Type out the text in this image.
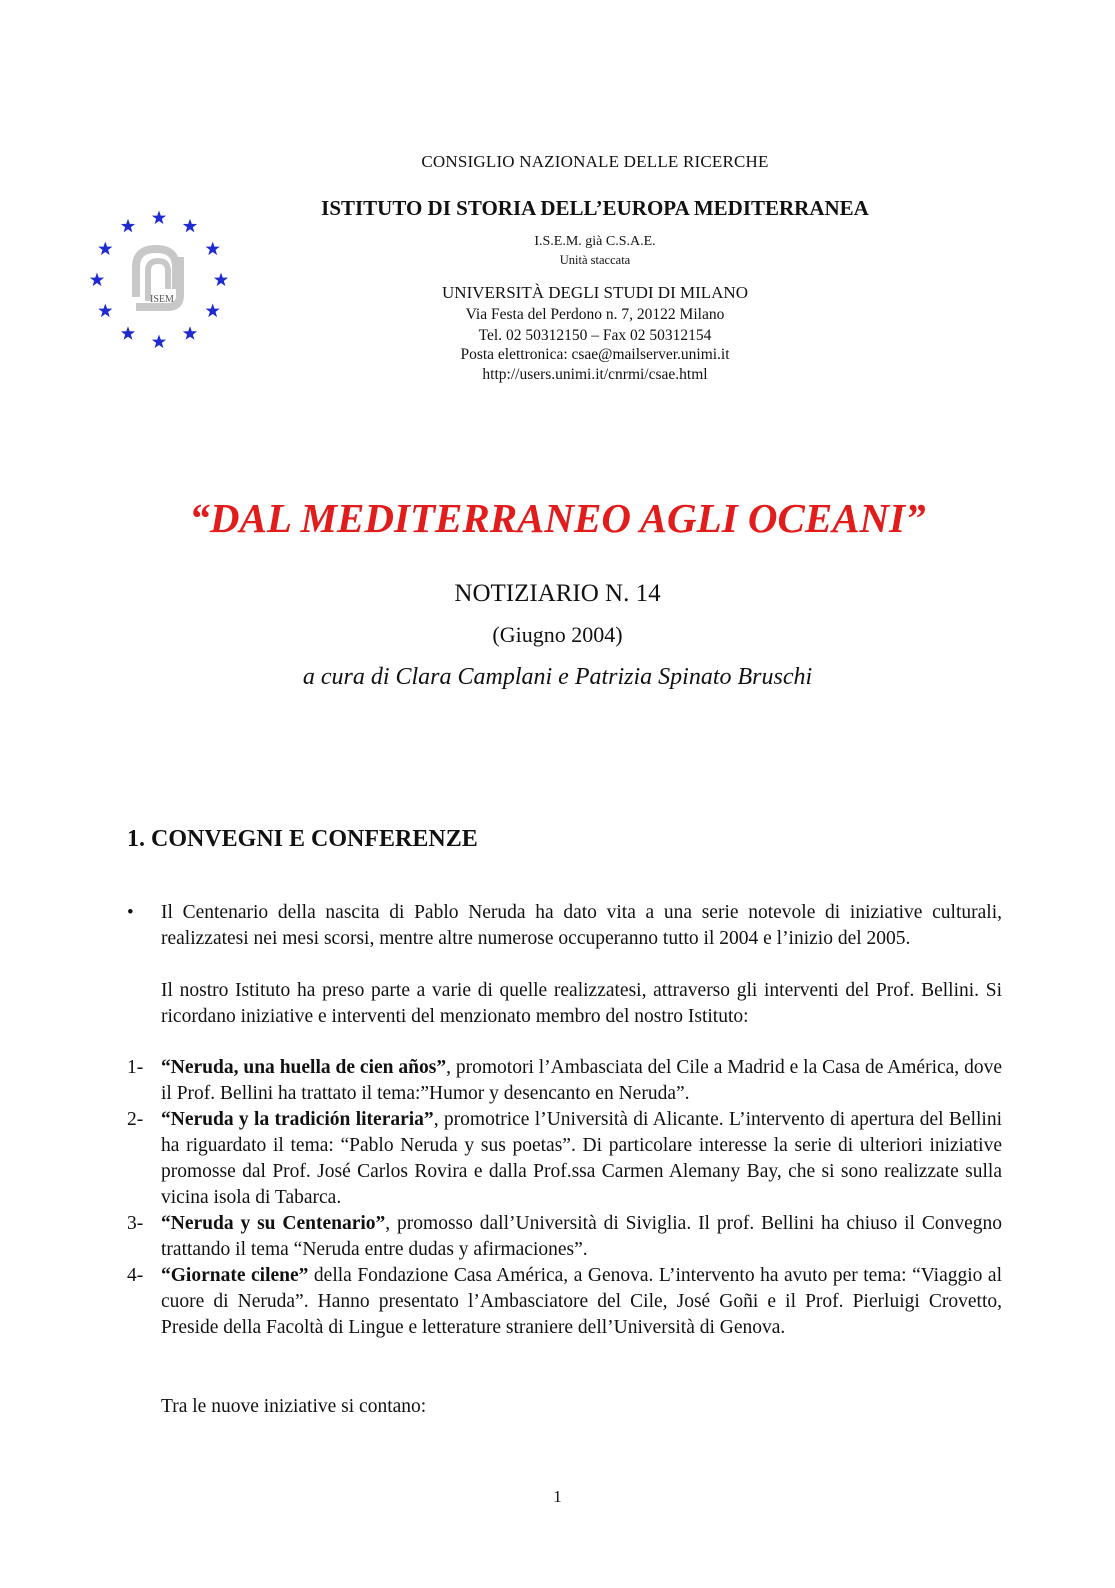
ISEM
CONSIGLIO NAZIONALE DELLE RICERCHE
ISTITUTO DI STORIA DELL’EUROPA MEDITERRANEA
I.S.E.M. già C.S.A.E.
Unità staccata
UNIVERSITÀ DEGLI STUDI DI MILANO
Via Festa del Perdono n. 7, 20122 Milano
Tel. 02 50312150 – Fax 02 50312154
Posta elettronica: csae@mailserver.unimi.it
http://users.unimi.it/cnrmi/csae.html
“DAL MEDITERRANEO AGLI OCEANI”
NOTIZIARIO N. 14
(Giugno 2004)
a cura di Clara Camplani e Patrizia Spinato Bruschi
1. CONVEGNI E CONFERENZE
• Il Centenario della nascita di Pablo Neruda ha dato vita a una serie notevole di iniziative culturali, realizzatesi nei mesi scorsi, mentre altre numerose occuperanno tutto il 2004 e l’inizio del 2005.
Il nostro Istituto ha preso parte a varie di quelle realizzatesi, attraverso gli interventi del Prof. Bellini. Si ricordano iniziative e interventi del menzionato membro del nostro Istituto:
1- “Neruda, una huella de cien años”, promotori l’Ambasciata del Cile a Madrid e la Casa de América, dove il Prof. Bellini ha trattato il tema:”Humor y desencanto en Neruda”.
2- “Neruda y la tradición literaria”, promotrice l’Università di Alicante. L’intervento di apertura del Bellini ha riguardato il tema: “Pablo Neruda y sus poetas”. Di particolare interesse la serie di ulteriori iniziative promosse dal Prof. José Carlos Rovira e dalla Prof.ssa Carmen Alemany Bay, che si sono realizzate sulla vicina isola di Tabarca.
3- “Neruda y su Centenario”, promosso dall’Università di Siviglia. Il prof. Bellini ha chiuso il Convegno trattando il tema “Neruda entre dudas y afirmaciones”.
4- “Giornate cilene” della Fondazione Casa América, a Genova. L’intervento ha avuto per tema: “Viaggio al cuore di Neruda”. Hanno presentato l’Ambasciatore del Cile, José Goñi e il Prof. Pierluigi Crovetto, Preside della Facoltà di Lingue e letterature straniere dell’Università di Genova.
Tra le nuove iniziative si contano:
1
